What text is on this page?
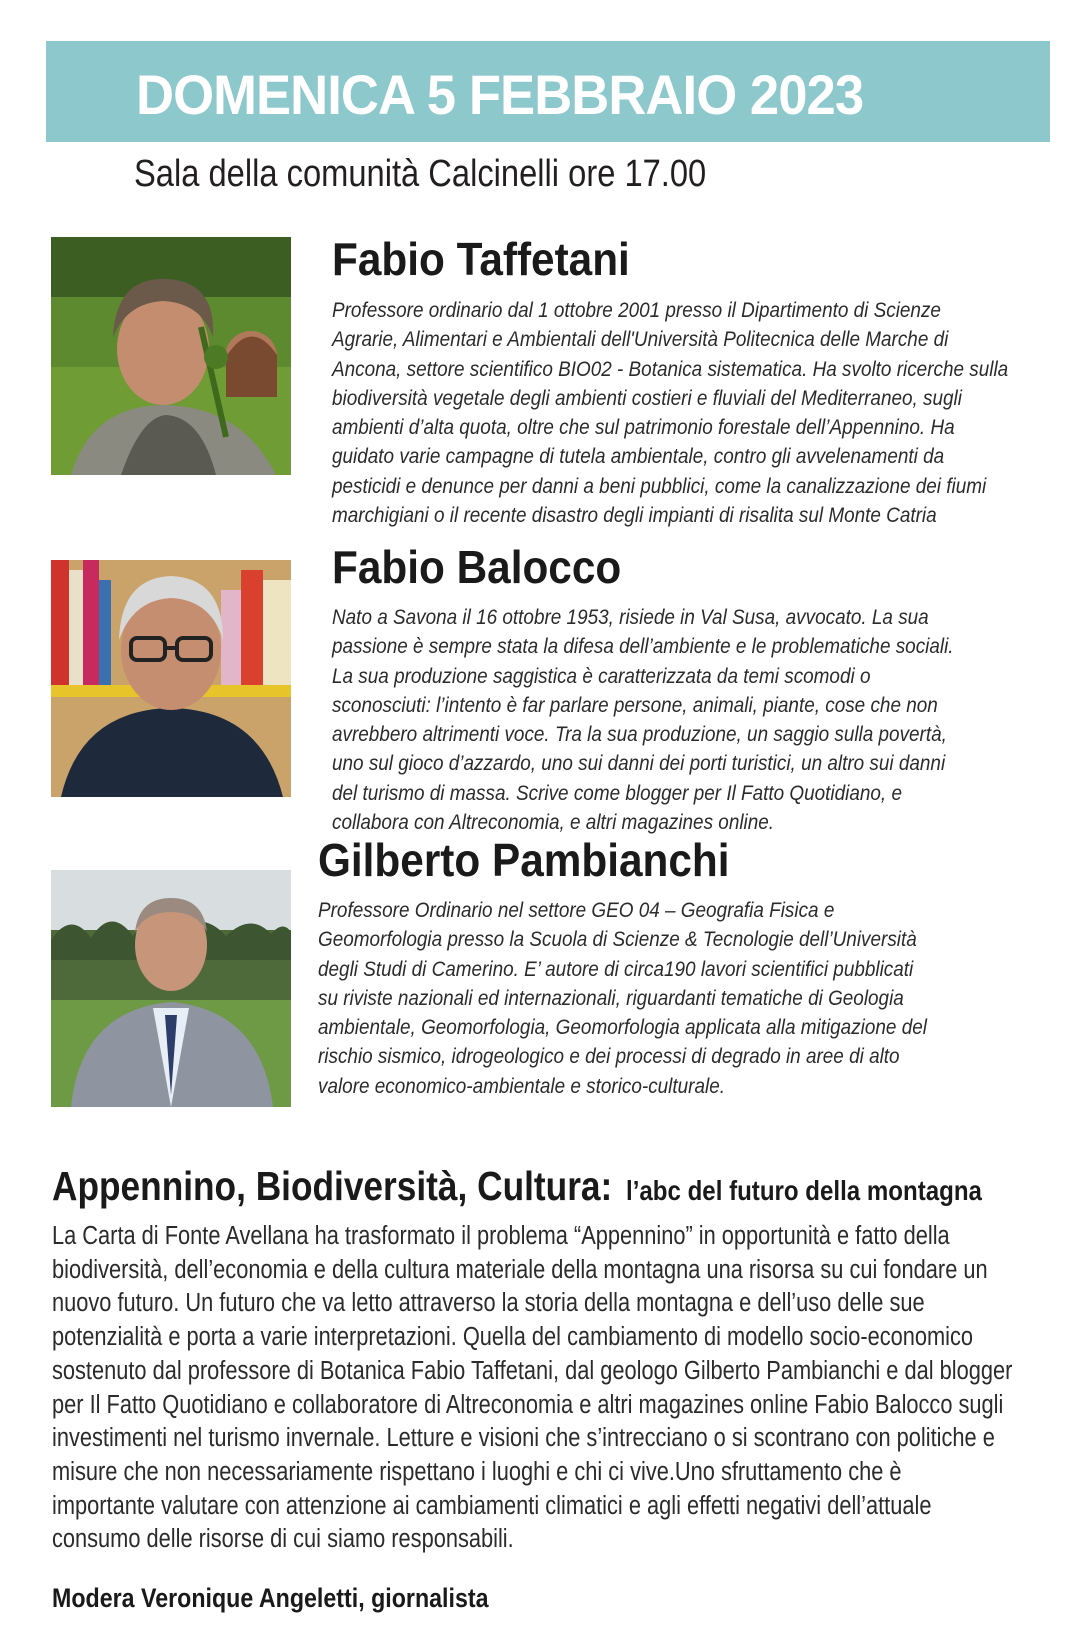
DOMENICA 5 FEBBRAIO 2023
Sala della comunità Calcinelli ore 17.00
Fabio Taffetani
Professore ordinario dal 1 ottobre 2001 presso il Dipartimento di Scienze
Agrarie, Alimentari e Ambientali dell'Università Politecnica delle Marche di
Ancona, settore scientifico BIO02 - Botanica sistematica. Ha svolto ricerche sulla
biodiversità vegetale degli ambienti costieri e fluviali del Mediterraneo, sugli
ambienti d’alta quota, oltre che sul patrimonio forestale dell’Appennino. Ha
guidato varie campagne di tutela ambientale, contro gli avvelenamenti da
pesticidi e denunce per danni a beni pubblici, come la canalizzazione dei fiumi
marchigiani o il recente disastro degli impianti di risalita sul Monte Catria
Fabio Balocco
Nato a Savona il 16 ottobre 1953, risiede in Val Susa, avvocato. La sua
passione è sempre stata la difesa dell’ambiente e le problematiche sociali.
La sua produzione saggistica è caratterizzata da temi scomodi o
sconosciuti: l’intento è far parlare persone, animali, piante, cose che non
avrebbero altrimenti voce. Tra la sua produzione, un saggio sulla povertà,
uno sul gioco d’azzardo, uno sui danni dei porti turistici, un altro sui danni
del turismo di massa. Scrive come blogger per Il Fatto Quotidiano, e
collabora con Altreconomia, e altri magazines online.
Gilberto Pambianchi
Professore Ordinario nel settore GEO 04 – Geografia Fisica e
Geomorfologia presso la Scuola di Scienze & Tecnologie dell’Università
degli Studi di Camerino. E’ autore di circa190 lavori scientifici pubblicati
su riviste nazionali ed internazionali, riguardanti tematiche di Geologia
ambientale, Geomorfologia, Geomorfologia applicata alla mitigazione del
rischio sismico, idrogeologico e dei processi di degrado in aree di alto
valore economico-ambientale e storico-culturale.
Appennino, Biodiversità, Cultura: l’abc del futuro della montagna
La Carta di Fonte Avellana ha trasformato il problema “Appennino” in opportunità e fatto della
biodiversità, dell’economia e della cultura materiale della montagna una risorsa su cui fondare un
nuovo futuro. Un futuro che va letto attraverso la storia della montagna e dell’uso delle sue
potenzialità e porta a varie interpretazioni. Quella del cambiamento di modello socio-economico
sostenuto dal professore di Botanica Fabio Taffetani, dal geologo Gilberto Pambianchi e dal blogger
per Il Fatto Quotidiano e collaboratore di Altreconomia e altri magazines online Fabio Balocco sugli
investimenti nel turismo invernale. Letture e visioni che s’intrecciano o si scontrano con politiche e
misure che non necessariamente rispettano i luoghi e chi ci vive.Uno sfruttamento che è
importante valutare con attenzione ai cambiamenti climatici e agli effetti negativi dell’attuale
consumo delle risorse di cui siamo responsabili.
Modera Veronique Angeletti, giornalista
